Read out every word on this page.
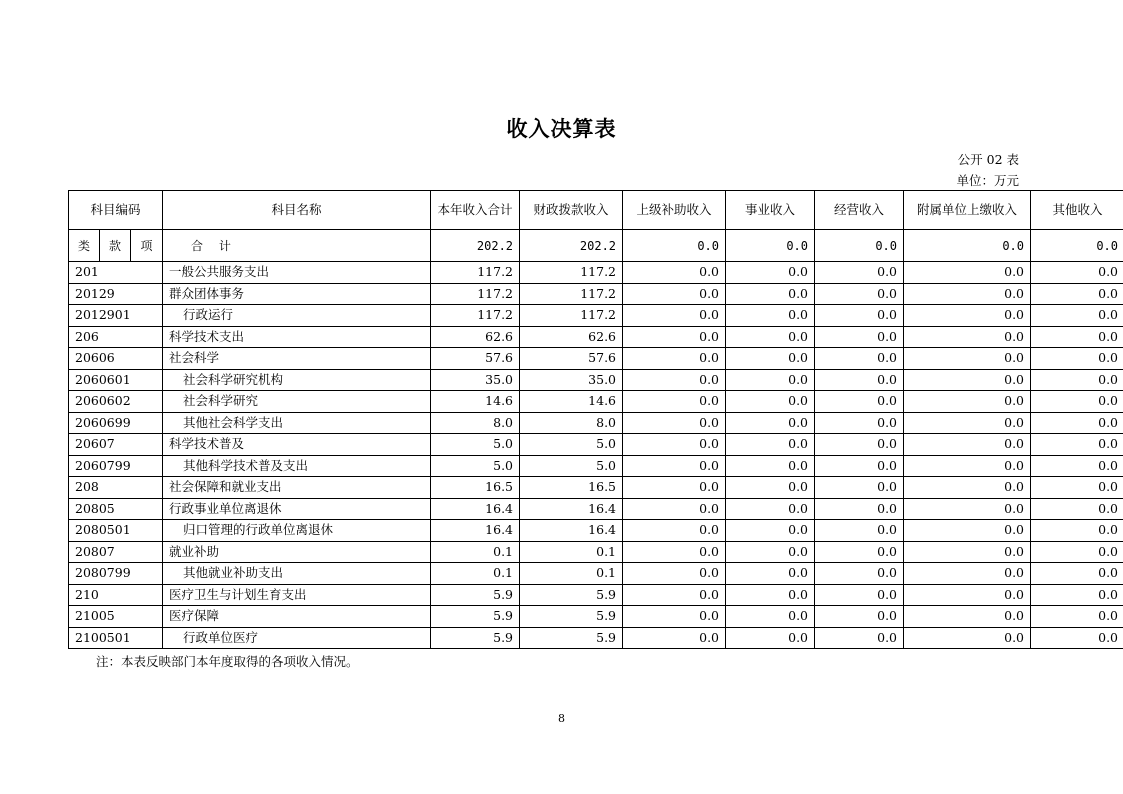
收入决算表
公开 02 表
单位：万元
科目编码			科目名称	本年收入合计	财政拨款收入	上级补助收入	事业收入	经营收入	附属单位上缴收入	其他收入
类	款	项	合 计	202.2	202.2	0.0	0.0	0.0	0.0	0.0
201			一般公共服务支出	117.2	117.2	0.0	0.0	0.0	0.0	0.0
20129			群众团体事务	117.2	117.2	0.0	0.0	0.0	0.0	0.0
2012901			行政运行	117.2	117.2	0.0	0.0	0.0	0.0	0.0
206			科学技术支出	62.6	62.6	0.0	0.0	0.0	0.0	0.0
20606			社会科学	57.6	57.6	0.0	0.0	0.0	0.0	0.0
2060601			社会科学研究机构	35.0	35.0	0.0	0.0	0.0	0.0	0.0
2060602			社会科学研究	14.6	14.6	0.0	0.0	0.0	0.0	0.0
2060699			其他社会科学支出	8.0	8.0	0.0	0.0	0.0	0.0	0.0
20607			科学技术普及	5.0	5.0	0.0	0.0	0.0	0.0	0.0
2060799			其他科学技术普及支出	5.0	5.0	0.0	0.0	0.0	0.0	0.0
208			社会保障和就业支出	16.5	16.5	0.0	0.0	0.0	0.0	0.0
20805			行政事业单位离退休	16.4	16.4	0.0	0.0	0.0	0.0	0.0
2080501			归口管理的行政单位离退休	16.4	16.4	0.0	0.0	0.0	0.0	0.0
20807			就业补助	0.1	0.1	0.0	0.0	0.0	0.0	0.0
2080799			其他就业补助支出	0.1	0.1	0.0	0.0	0.0	0.0	0.0
210			医疗卫生与计划生育支出	5.9	5.9	0.0	0.0	0.0	0.0	0.0
21005			医疗保障	5.9	5.9	0.0	0.0	0.0	0.0	0.0
2100501			行政单位医疗	5.9	5.9	0.0	0.0	0.0	0.0	0.0
注：本表反映部门本年度取得的各项收入情况。
8
